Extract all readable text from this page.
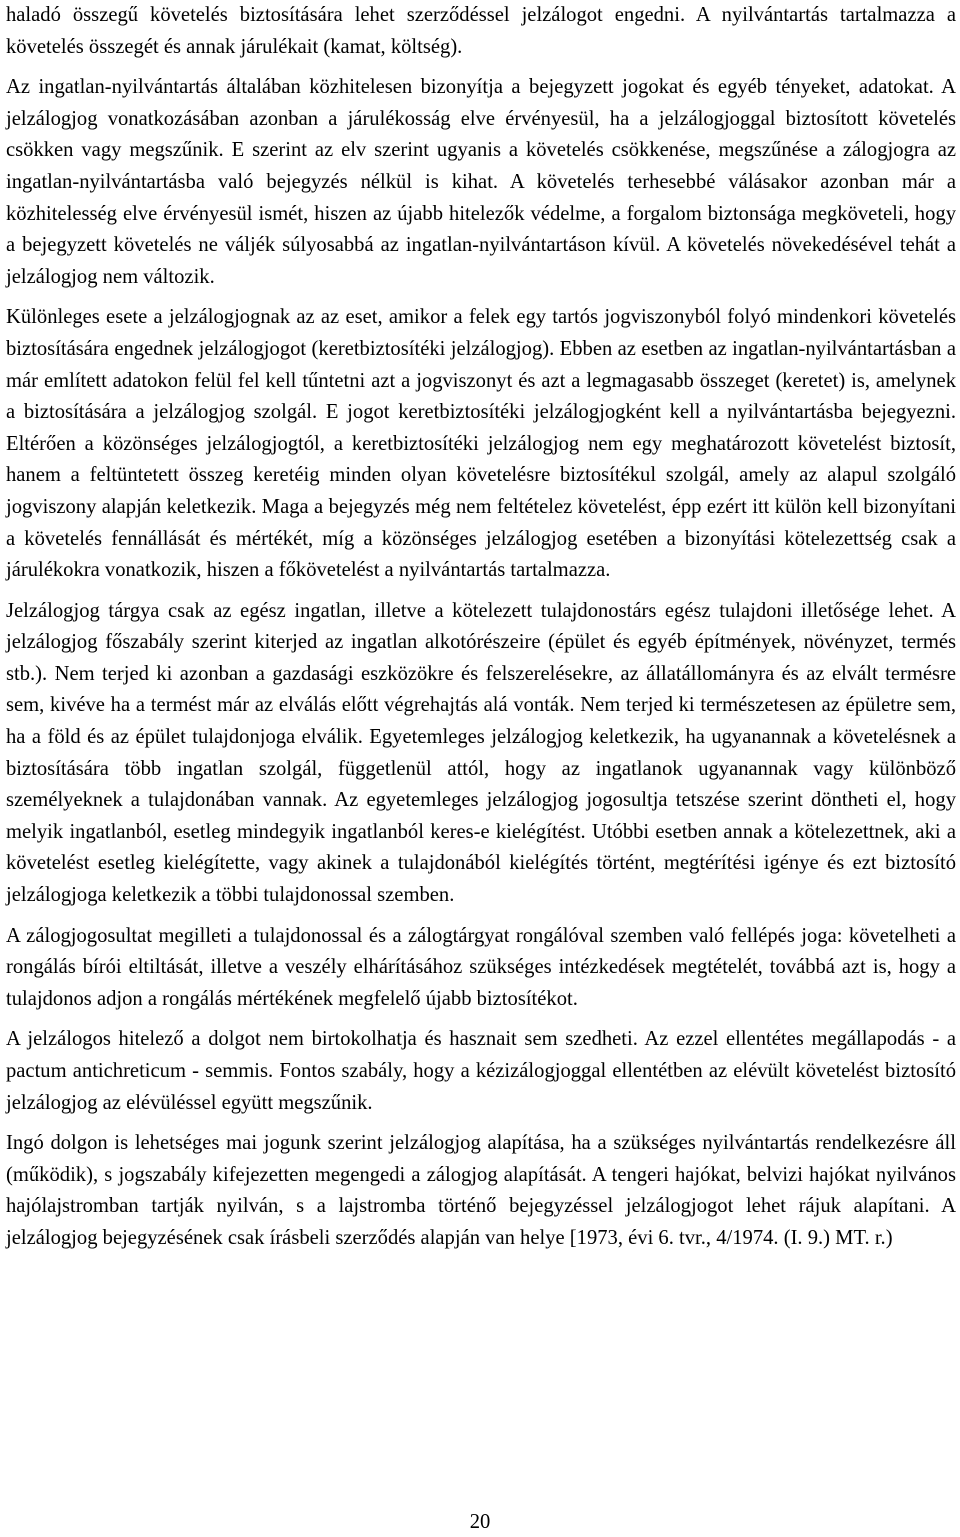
haladó összegű követelés biztosítására lehet szerződéssel jelzálogot engedni. A nyilvántartás tartalmazza a követelés összegét és annak járulékait (kamat, költség).

Az ingatlan-nyilvántartás általában közhitelesen bizonyítja a bejegyzett jogokat és egyéb tényeket, adatokat. A jelzálogjog vonatkozásában azonban a járulékosság elve érvényesül, ha a jelzálogjoggal biztosított követelés csökken vagy megszűnik. E szerint az elv szerint ugyanis a követelés csökkenése, megszűnése a zálogjogra az ingatlan-nyilvántartásba való bejegyzés nélkül is kihat. A követelés terhesebbé válásakor azonban már a közhitelesség elve érvényesül ismét, hiszen az újabb hitelezők védelme, a forgalom biztonsága megköveteli, hogy a bejegyzett követelés ne váljék súlyosabbá az ingatlan-nyilvántartáson kívül. A követelés növekedésével tehát a jelzálogjog nem változik.

Különleges esete a jelzálogjognak az az eset, amikor a felek egy tartós jogviszonyból folyó mindenkori követelés biztosítására engednek jelzálogjogot (keretbiztosítéki jelzálogjog). Ebben az esetben az ingatlan-nyilvántartásban a már említett adatokon felül fel kell tűntetni azt a jogviszonyt és azt a legmagasabb összeget (keretet) is, amelynek a biztosítására a jelzálogjog szolgál. E jogot keretbiztosítéki jelzálogjogként kell a nyilvántartásba bejegyezni. Eltérően a közönséges jelzálogjogtól, a keretbiztosítéki jelzálogjog nem egy meghatározott követelést biztosít, hanem a feltüntetett összeg keretéig minden olyan követelésre biztosítékul szolgál, amely az alapul szolgáló jogviszony alapján keletkezik. Maga a bejegyzés még nem feltételez követelést, épp ezért itt külön kell bizonyítani a követelés fennállását és mértékét, míg a közönséges jelzálogjog esetében a bizonyítási kötelezettség csak a járulékokra vonatkozik, hiszen a főkövetelést a nyilvántartás tartalmazza.

Jelzálogjog tárgya csak az egész ingatlan, illetve a kötelezett tulajdonostárs egész tulajdoni illetősége lehet. A jelzálogjog főszabály szerint kiterjed az ingatlan alkotórészeire (épület és egyéb építmények, növényzet, termés stb.). Nem terjed ki azonban a gazdasági eszközökre és felszerelésekre, az állatállományra és az elvált termésre sem, kivéve ha a termést már az elválás előtt végrehajtás alá vonták. Nem terjed ki természetesen az épületre sem, ha a föld és az épület tulajdonjoga elválik. Egyetemleges jelzálogjog keletkezik, ha ugyanannak a követelésnek a biztosítására több ingatlan szolgál, függetlenül attól, hogy az ingatlanok ugyanannak vagy különböző személyeknek a tulajdonában vannak. Az egyetemleges jelzálogjog jogosultja tetszése szerint döntheti el, hogy melyik ingatlanból, esetleg mindegyik ingatlanból keres-e kielégítést. Utóbbi esetben annak a kötelezettnek, aki a követelést esetleg kielégítette, vagy akinek a tulajdonából kielégítés történt, megtérítési igénye és ezt biztosító jelzálogjoga keletkezik a többi tulajdonossal szemben.

A zálogjogosultat megilleti a tulajdonossal és a zálogtárgyat rongálóval szemben való fellépés joga: követelheti a rongálás bírói eltiltását, illetve a veszély elhárításához szükséges intézkedések megtételét, továbbá azt is, hogy a tulajdonos adjon a rongálás mértékének megfelelő újabb biztosítékot.

A jelzálogos hitelező a dolgot nem birtokolhatja és hasznait sem szedheti. Az ezzel ellentétes megállapodás - a pactum antichreticum - semmis. Fontos szabály, hogy a kézizálogjoggal ellentétben az elévült követelést biztosító jelzálogjog az elévüléssel együtt megszűnik.

Ingó dolgon is lehetséges mai jogunk szerint jelzálogjog alapítása, ha a szükséges nyilvántartás rendelkezésre áll (működik), s jogszabály kifejezetten megengedi a zálogjog alapítását. A tengeri hajókat, belvizi hajókat nyilvános hajólajstromban tartják nyilván, s a lajstromba történő bejegyzéssel jelzálogjogot lehet rájuk alapítani. A jelzálogjog bejegyzésének csak írásbeli szerződés alapján van helye [1973, évi 6. tvr., 4/1974. (I. 9.) MT. r.)

20
